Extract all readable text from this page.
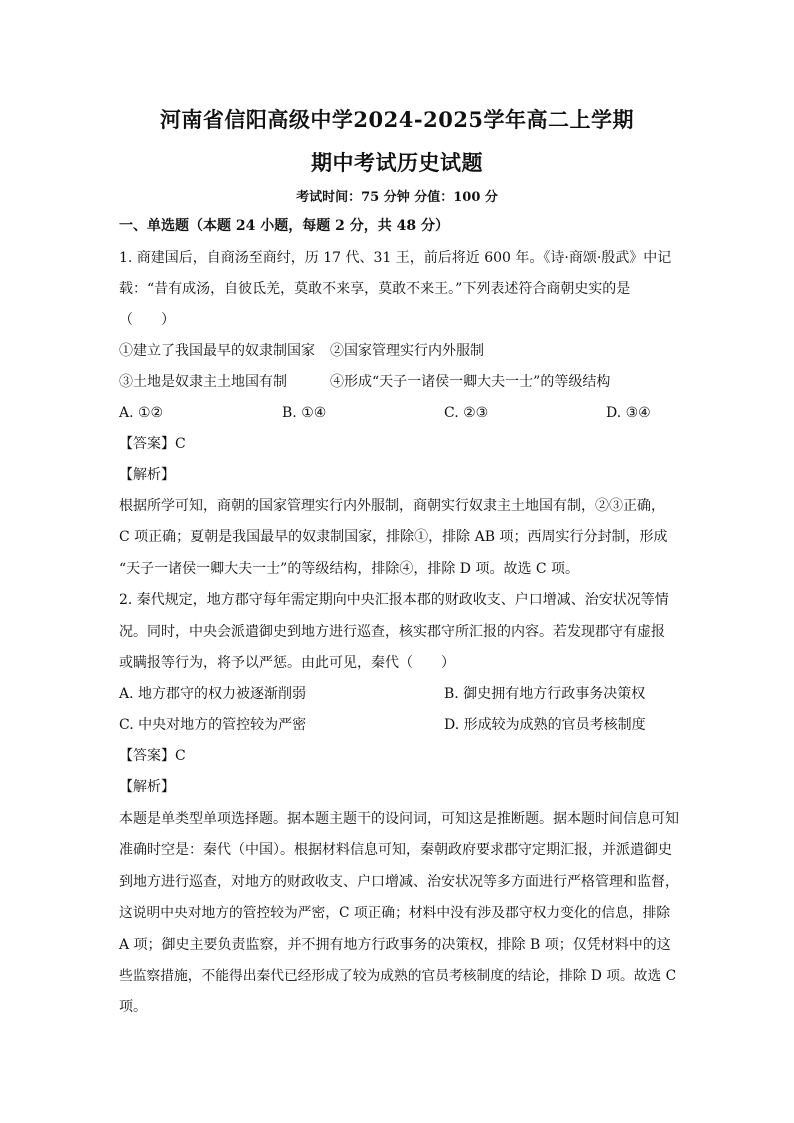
河南省信阳高级中学2024-2025学年高二上学期
期中考试历史试题
考试时间：75 分钟 分值：100 分
一、单选题（本题 24 小题，每题 2 分，共 48 分）
1. 商建国后，自商汤至商纣，历 17 代、31 王，前后将近 600 年。《诗·商颂·殷武》中记
载：“昔有成汤，自彼氐羌，莫敢不来享，莫敢不来王。”下列表述符合商朝史实的是
（　　）
①建立了我国最早的奴隶制国家 ②国家管理实行内外服制
③土地是奴隶主土地国有制	④形成“天子一诸侯一卿大夫一士”的等级结构
A. ①②	B. ①④	C. ②③	D. ③④
【答案】C
【解析】
根据所学可知，商朝的国家管理实行内外服制，商朝实行奴隶主土地国有制，②③正确，
C 项正确；夏朝是我国最早的奴隶制国家，排除①，排除 AB 项；西周实行分封制，形成
“天子一诸侯一卿大夫一士”的等级结构，排除④，排除 D 项。故选 C 项。
2. 秦代规定，地方郡守每年需定期向中央汇报本郡的财政收支、户口增减、治安状况等情
况。同时，中央会派遣御史到地方进行巡查，核实郡守所汇报的内容。若发现郡守有虚报
或瞒报等行为，将予以严惩。由此可见，秦代（　　）
A. 地方郡守的权力被逐渐削弱	B. 御史拥有地方行政事务决策权
C. 中央对地方的管控较为严密	D. 形成较为成熟的官员考核制度
【答案】C
【解析】
本题是单类型单项选择题。据本题主题干的设问词，可知这是推断题。据本题时间信息可知
准确时空是：秦代（中国）。根据材料信息可知，秦朝政府要求郡守定期汇报，并派遣御史
到地方进行巡查，对地方的财政收支、户口增减、治安状况等多方面进行严格管理和监督，
这说明中央对地方的管控较为严密，C 项正确；材料中没有涉及郡守权力变化的信息，排除
A 项；御史主要负责监察，并不拥有地方行政事务的决策权，排除 B 项；仅凭材料中的这
些监察措施，不能得出秦代已经形成了较为成熟的官员考核制度的结论，排除 D 项。故选 C
项。
